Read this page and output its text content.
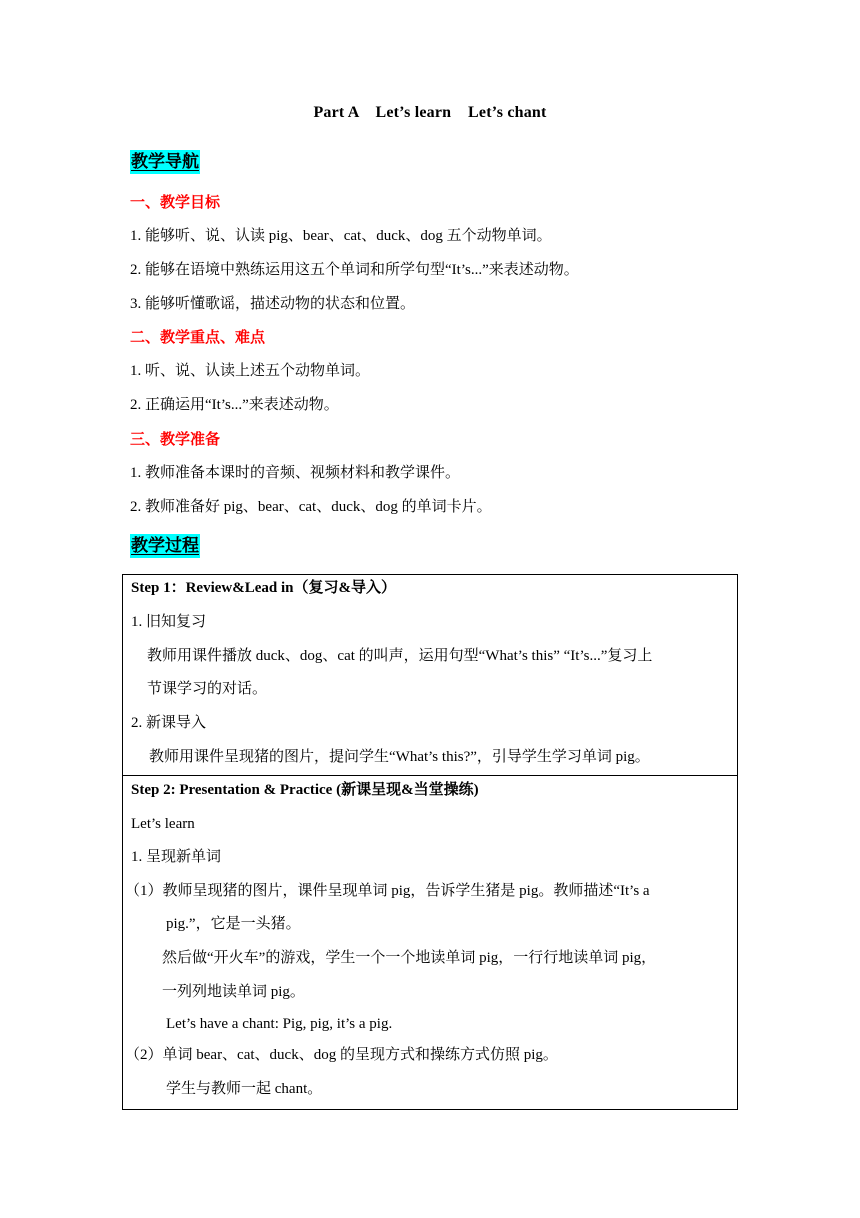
Part A    Let’s learn    Let’s chant
教学导航
一、教学目标
1. 能够听、说、认读 pig、bear、cat、duck、dog 五个动物单词。
2. 能够在语境中熟练运用这五个单词和所学句型“It’s...”来表述动物。
3. 能够听懂歌谣，描述动物的状态和位置。
二、教学重点、难点
1. 听、说、认读上述五个动物单词。
2. 正确运用“It’s...”来表述动物。
三、教学准备
1. 教师准备本课时的音频、视频材料和教学课件。
2. 教师准备好 pig、bear、cat、duck、dog 的单词卡片。
教学过程
Step 1：Review&Lead in（复习&导入）
1. 旧知复习
教师用课件播放 duck、dog、cat 的叫声，运用句型“What’s this” “It’s...”复习上
节课学习的对话。
2. 新课导入
教师用课件呈现猪的图片，提问学生“What’s this?”，引导学生学习单词 pig。
Step 2: Presentation & Practice (新课呈现&当堂操练)
Let’s learn
1. 呈现新单词
（1）教师呈现猪的图片，课件呈现单词 pig，告诉学生猪是 pig。教师描述“It’s a
pig.”，它是一头猪。
然后做“开火车”的游戏，学生一个一个地读单词 pig，一行行地读单词 pig，
一列列地读单词 pig。
Let’s have a chant: Pig, pig, it’s a pig.
（2）单词 bear、cat、duck、dog 的呈现方式和操练方式仿照 pig。
学生与教师一起 chant。
